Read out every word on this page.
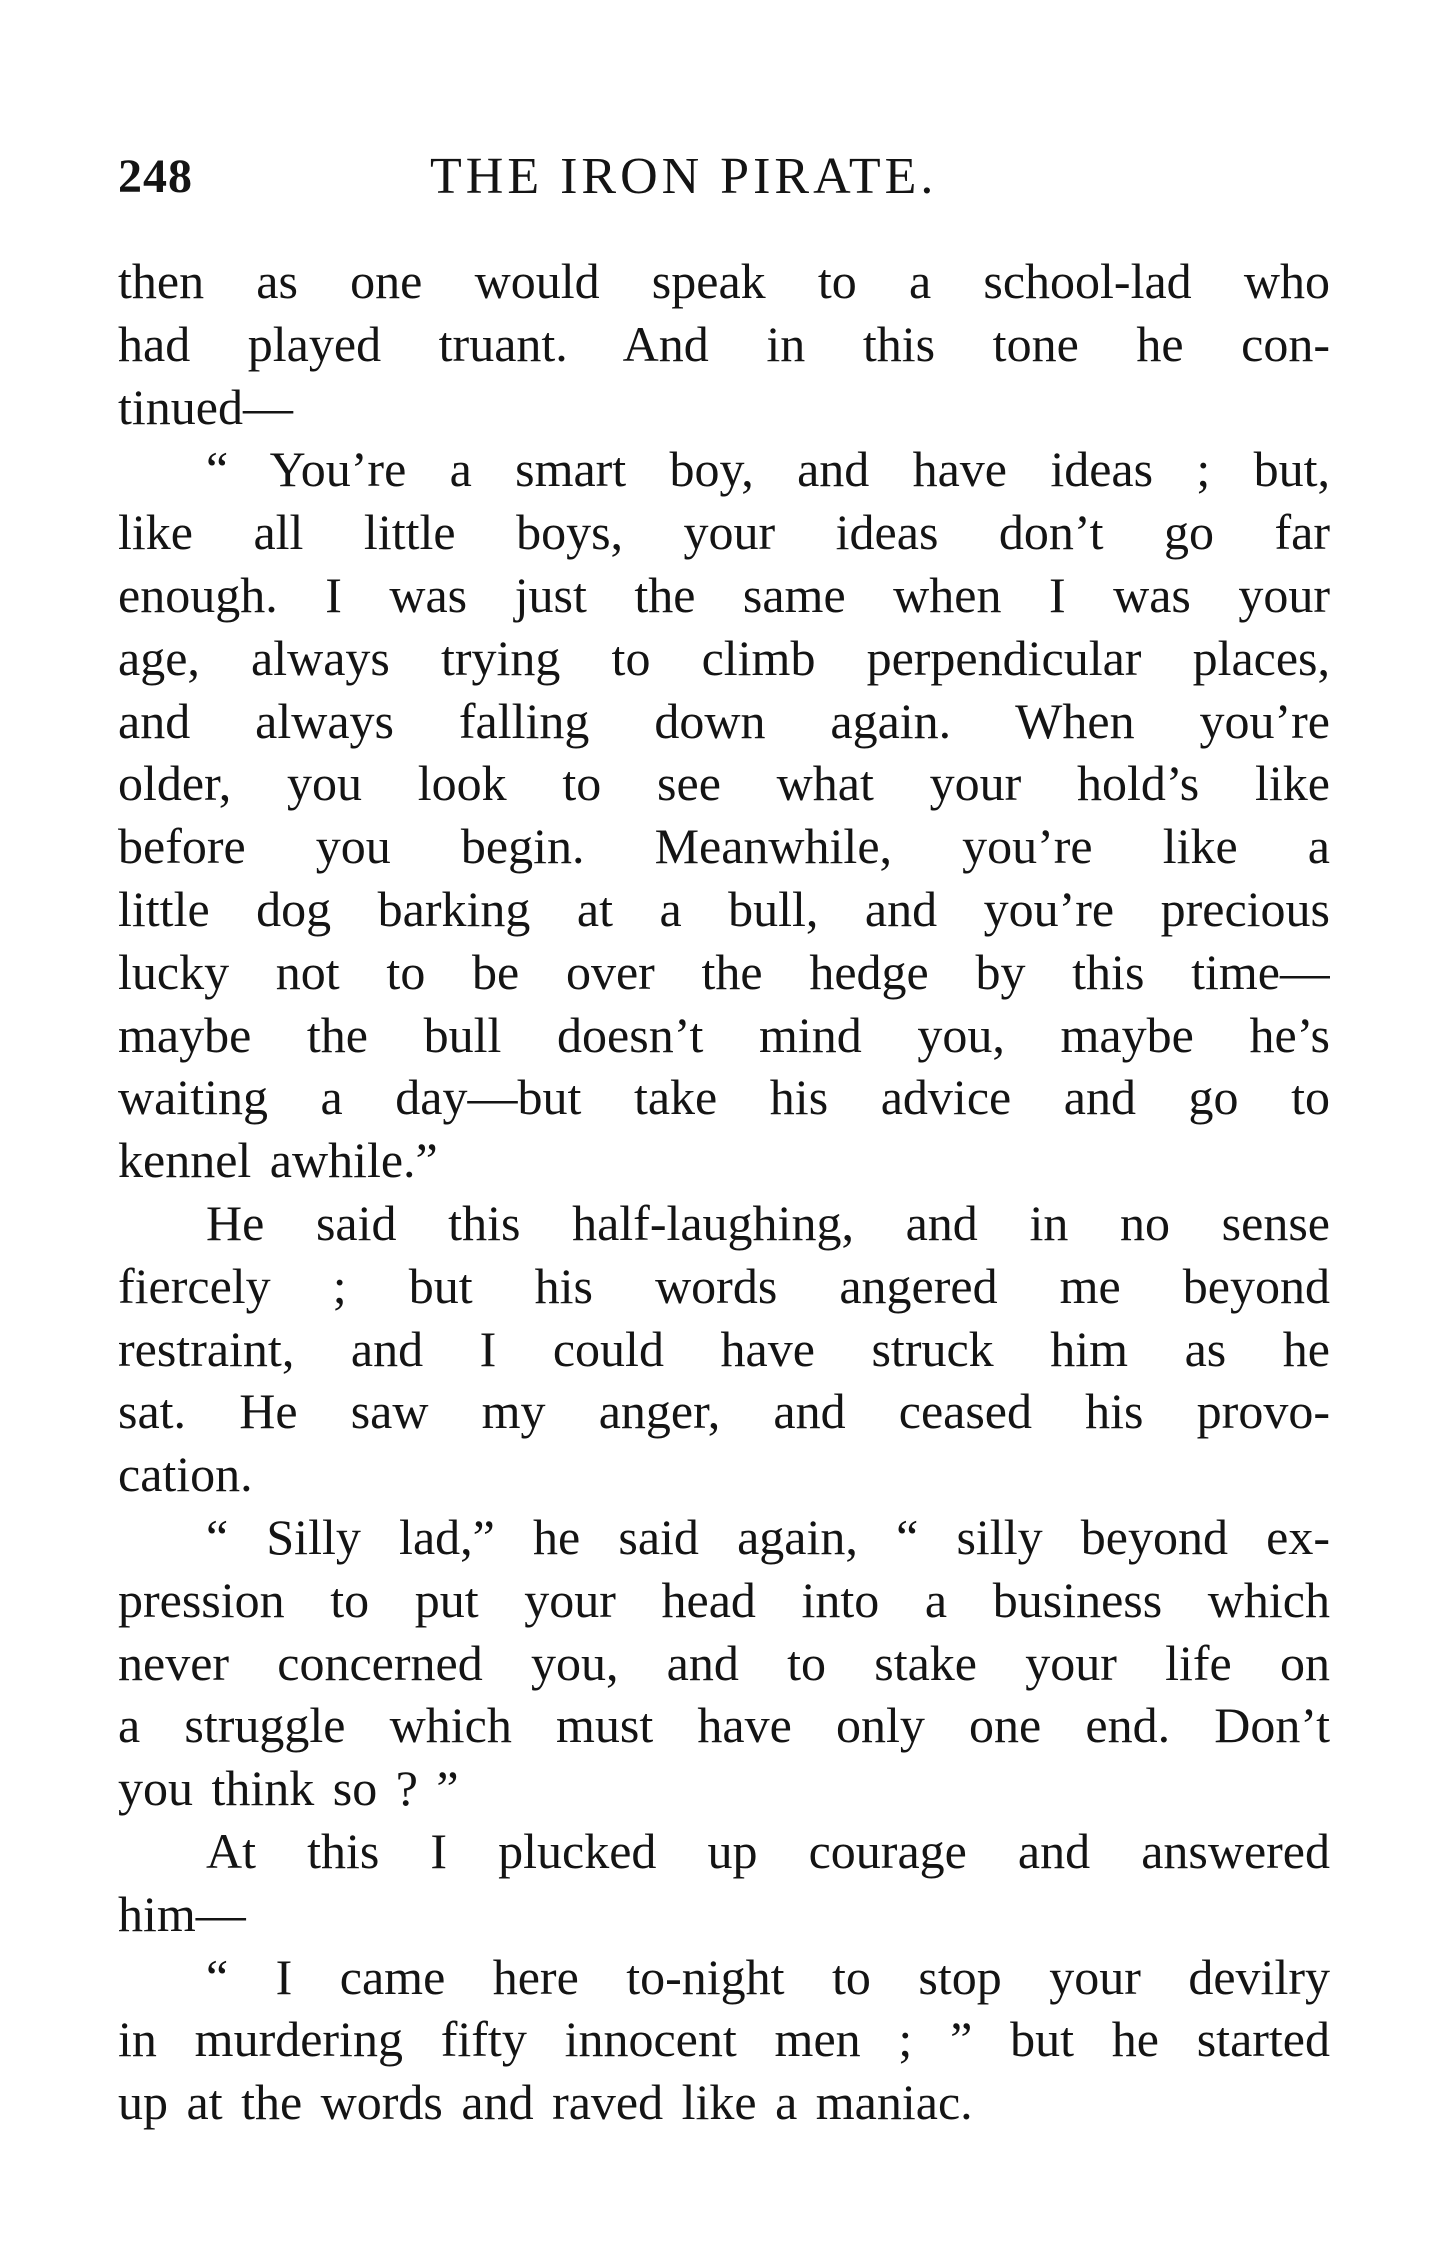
248	THE IRON PIRATE.
then as one would speak to a school-lad who
had played truant. And in this tone he con-
tinued—
“ You’re a smart boy, and have ideas ; but,
like all little boys, your ideas don’t go far
enough. I was just the same when I was your
age, always trying to climb perpendicular places,
and always falling down again. When you’re
older, you look to see what your hold’s like
before you begin. Meanwhile, you’re like a
little dog barking at a bull, and you’re precious
lucky not to be over the hedge by this time—
maybe the bull doesn’t mind you, maybe he’s
waiting a day—but take his advice and go to
kennel awhile.”
He said this half-laughing, and in no sense
fiercely ; but his words angered me beyond
restraint, and I could have struck him as he
sat. He saw my anger, and ceased his provo-
cation.
“ Silly lad,” he said again, “ silly beyond ex-
pression to put your head into a business which
never concerned you, and to stake your life on
a struggle which must have only one end. Don’t
you think so ? ”
At this I plucked up courage and answered
him—
“ I came here to-night to stop your devilry
in murdering fifty innocent men ; ” but he started
up at the words and raved like a maniac.
